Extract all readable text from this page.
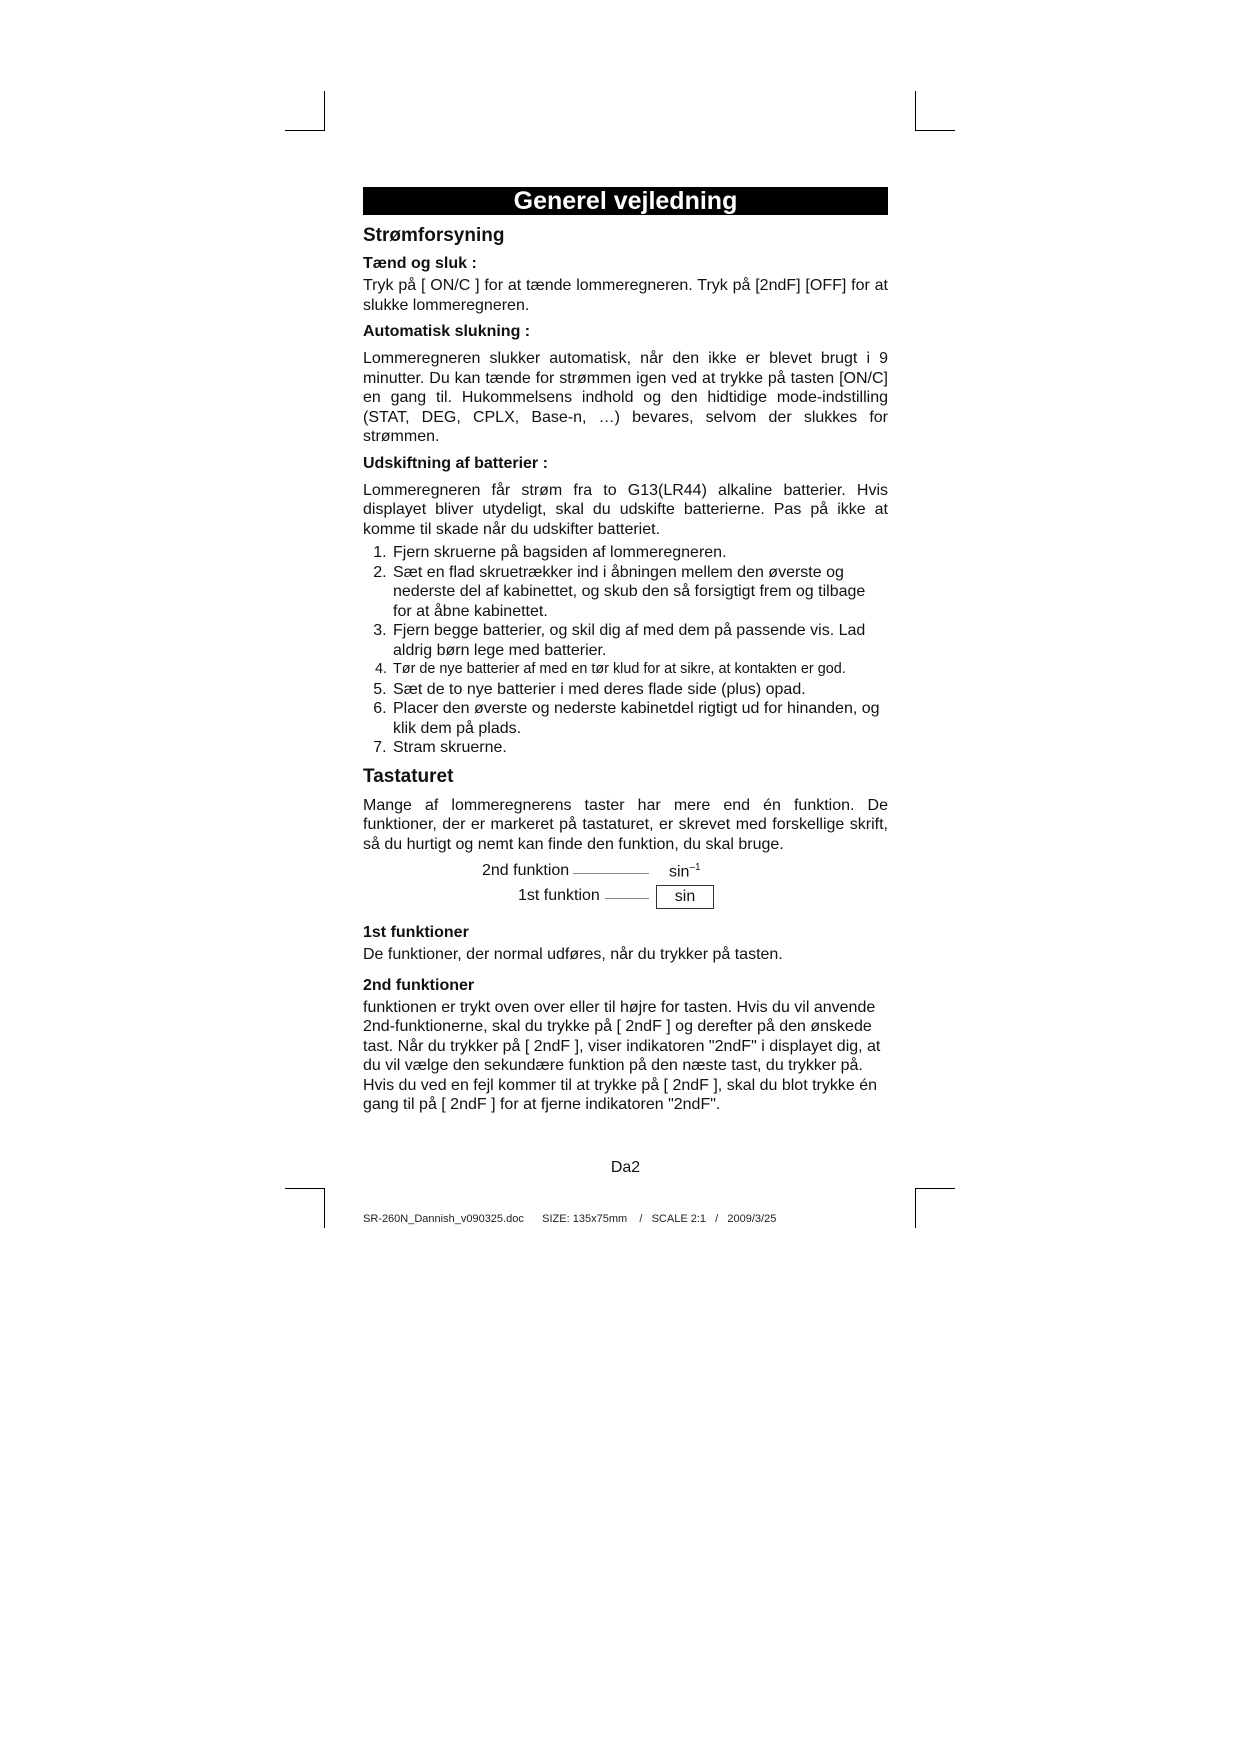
Generel vejledning
Strømforsyning
Tænd og sluk :

Tryk på [ ON/C ] for at tænde lommeregneren. Tryk på [2ndF] [OFF] for at slukke lommeregneren.

Automatisk slukning :

Lommeregneren slukker automatisk, når den ikke er blevet brugt i 9 minutter. Du kan tænde for strømmen igen ved at trykke på tasten [ON/C] en gang til. Hukommelsens indhold og den hidtidige mode-indstilling (STAT, DEG, CPLX, Base-n, …) bevares, selvom der slukkes for strømmen.

Udskiftning af batterier :

Lommeregneren får strøm fra to G13(LR44) alkaline batterier. Hvis displayet bliver utydeligt, skal du udskifte batterierne. Pas på ikke at komme til skade når du udskifter batteriet.

1. Fjern skruerne på bagsiden af lommeregneren.
2. Sæt en flad skruetrækker ind i åbningen mellem den øverste og nederste del af kabinettet, og skub den så forsigtigt frem og tilbage for at åbne kabinettet.
3. Fjern begge batterier, og skil dig af med dem på passende vis. Lad aldrig børn lege med batterier.
4. Tør de nye batterier af med en tør klud for at sikre, at kontakten er god.
5. Sæt de to nye batterier i med deres flade side (plus) opad.
6. Placer den øverste og nederste kabinetdel rigtigt ud for hinanden, og klik dem på plads.
7. Stram skruerne.
Tastaturet

Mange af lommeregnerens taster har mere end én funktion. De funktioner, der er markeret på tastaturet, er skrevet med forskellige skrift, så du hurtigt og nemt kan finde den funktion, du skal bruge.

2nd funktion	$\sin^{-1}$
1st funktion	sin
1st funktioner

De funktioner, der normal udføres, når du trykker på tasten.

2nd funktioner

funktionen er trykt oven over eller til højre for tasten. Hvis du vil anvende 2nd-funktionerne, skal du trykke på [ 2ndF ] og derefter på den ønskede tast. Når du trykker på [ 2ndF ], viser indikatoren "2ndF" i displayet dig, at du vil vælge den sekundære funktion på den næste tast, du trykker på. Hvis du ved en fejl kommer til at trykke på [ 2ndF ], skal du blot trykke én gang til på [ 2ndF ] for at fjerne indikatoren "2ndF".

Da2
SR-260N_Dannish_v090325.doc      SIZE: 135x75mm    /   SCALE 2:1   /   2009/3/25
